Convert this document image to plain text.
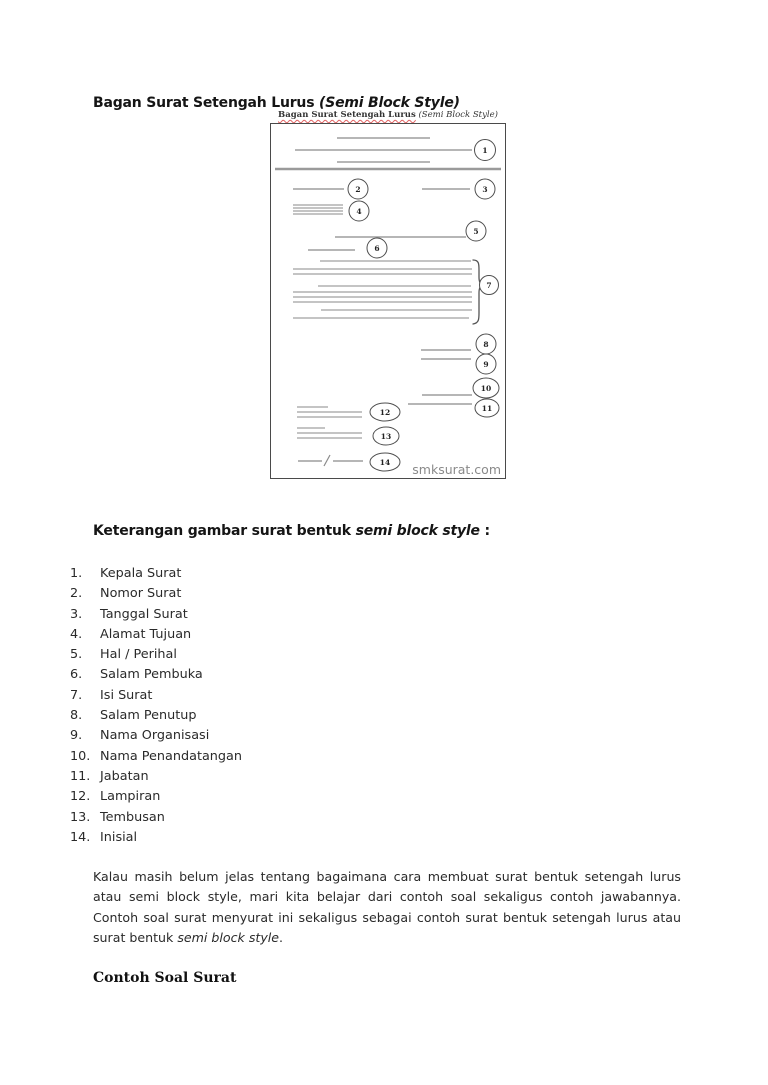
Bagan Surat Setengah Lurus (Semi Block Style)
Bagan Surat Setengah Lurus (Semi Block Style)
1
2	3
4
5
6
7
8
9
10
11
12
13
14 smksurat.com
Keterangan gambar surat bentuk semi block style :
1. Kepala Surat
2. Nomor Surat
3. Tanggal Surat
4. Alamat Tujuan
5. Hal / Perihal
6. Salam Pembuka
7. Isi Surat
8. Salam Penutup
9. Nama Organisasi
10. Nama Penandatangan
11. Jabatan
12. Lampiran
13. Tembusan
14. Inisial
Kalau masih belum jelas tentang bagaimana cara membuat surat bentuk setengah lurus atau semi block style, mari kita belajar dari contoh soal sekaligus contoh jawabannya. Contoh soal surat menyurat ini sekaligus sebagai contoh surat bentuk setengah lurus atau surat bentuk semi block style.
Contoh Soal Surat
